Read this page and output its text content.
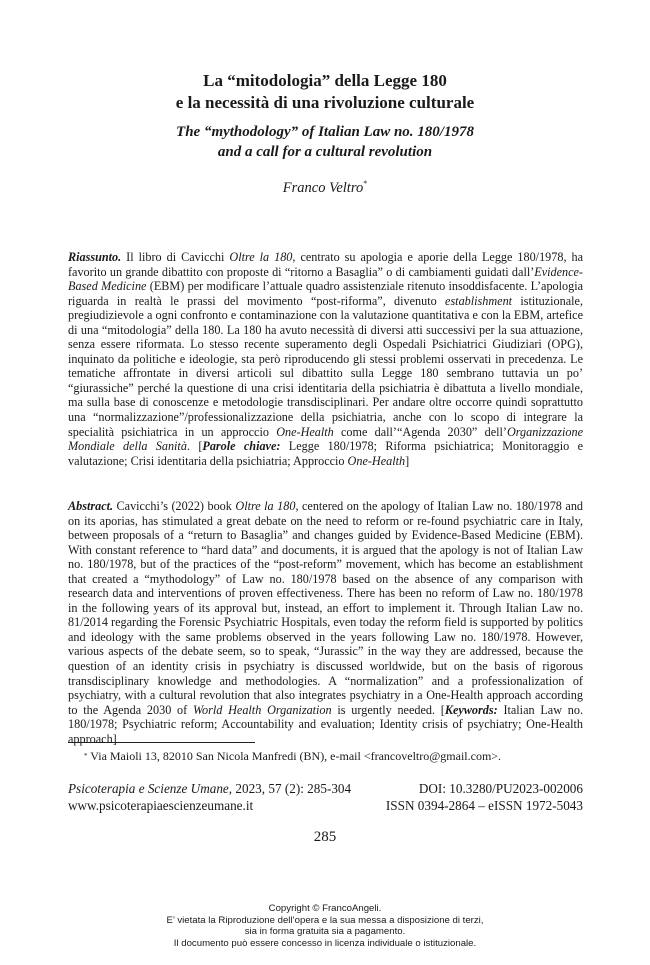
La “mitodologia” della Legge 180
e la necessità di una rivoluzione culturale
The “mythodology” of Italian Law no. 180/1978
and a call for a cultural revolution
Franco Veltro*

Riassunto. Il libro di Cavicchi Oltre la 180, centrato su apologia e aporie della Legge 180/1978, ha favorito un grande dibattito con proposte di “ritorno a Basaglia” o di cambiamenti guidati dall’Evidence-Based Medicine (EBM) per modificare l’attuale quadro assistenziale ritenuto insoddisfacente. L’apologia riguarda in realtà le prassi del movimento “post-riforma”, divenuto establishment istituzionale, pregiudizievole a ogni confronto e contaminazione con la valutazione quantitativa e con la EBM, artefice di una “mitodologia” della 180. La 180 ha avuto necessità di diversi atti successivi per la sua attuazione, senza essere riformata. Lo stesso recente superamento degli Ospedali Psichiatrici Giudiziari (OPG), inquinato da politiche e ideologie, sta però riproducendo gli stessi problemi osservati in precedenza. Le tematiche affrontate in diversi articoli sul dibattito sulla Legge 180 sembrano tuttavia un po’ “giurassiche” perché la questione di una crisi identitaria della psichiatria è dibattuta a livello mondiale, ma sulla base di conoscenze e metodologie transdisciplinari. Per andare oltre occorre quindi soprattutto una “normalizzazione”/professionalizzazione della psichiatria, anche con lo scopo di integrare la specialità psichiatrica in un approccio One-Health come dall’“Agenda 2030” dell’Organizzazione Mondiale della Sanità. [Parole chiave: Legge 180/1978; Riforma psichiatrica; Monitoraggio e valutazione; Crisi identitaria della psichiatria; Approccio One-Health]

Abstract. Cavicchi’s (2022) book Oltre la 180, centered on the apology of Italian Law no. 180/1978 and on its aporias, has stimulated a great debate on the need to reform or re-found psychiatric care in Italy, between proposals of a “return to Basaglia” and changes guided by Evidence-Based Medicine (EBM). With constant reference to “hard data” and documents, it is argued that the apology is not of Italian Law no. 180/1978, but of the practices of the “post-reform” movement, which has become an establishment that created a “mythodology” of Law no. 180/1978 based on the absence of any comparison with research data and interventions of proven effectiveness. There has been no reform of Law no. 180/1978 in the following years of its approval but, instead, an effort to implement it. Through Italian Law no. 81/2014 regarding the Forensic Psychiatric Hospitals, even today the reform field is supported by politics and ideology with the same problems observed in the years following Law no. 180/1978. However, various aspects of the debate seem, so to speak, “Jurassic” in the way they are addressed, because the question of an identity crisis in psychiatry is discussed worldwide, but on the basis of rigorous transdisciplinary knowledge and methodologies. A “normalization” and a professionalization of psychiatry, with a cultural revolution that also integrates psychiatry in a One-Health approach according to the Agenda 2030 of World Health Organization is urgently needed. [Keywords: Italian Law no. 180/1978; Psychiatric reform; Accountability and evaluation; Identity crisis of psychiatry; One-Health approach]

* Via Maioli 13, 82010 San Nicola Manfredi (BN), e-mail <francoveltro@gmail.com>.
Psicoterapia e Scienze Umane, 2023, 57 (2): 285-304	DOI: 10.3280/PU2023-002006
www.psicoterapiaescienzeumane.it	ISSN 0394-2864 – eISSN 1972-5043
285
Copyright © FrancoAngeli.
E’ vietata la Riproduzione dell’opera e la sua messa a disposizione di terzi,
sia in forma gratuita sia a pagamento.
Il documento può essere concesso in licenza individuale o istituzionale.
